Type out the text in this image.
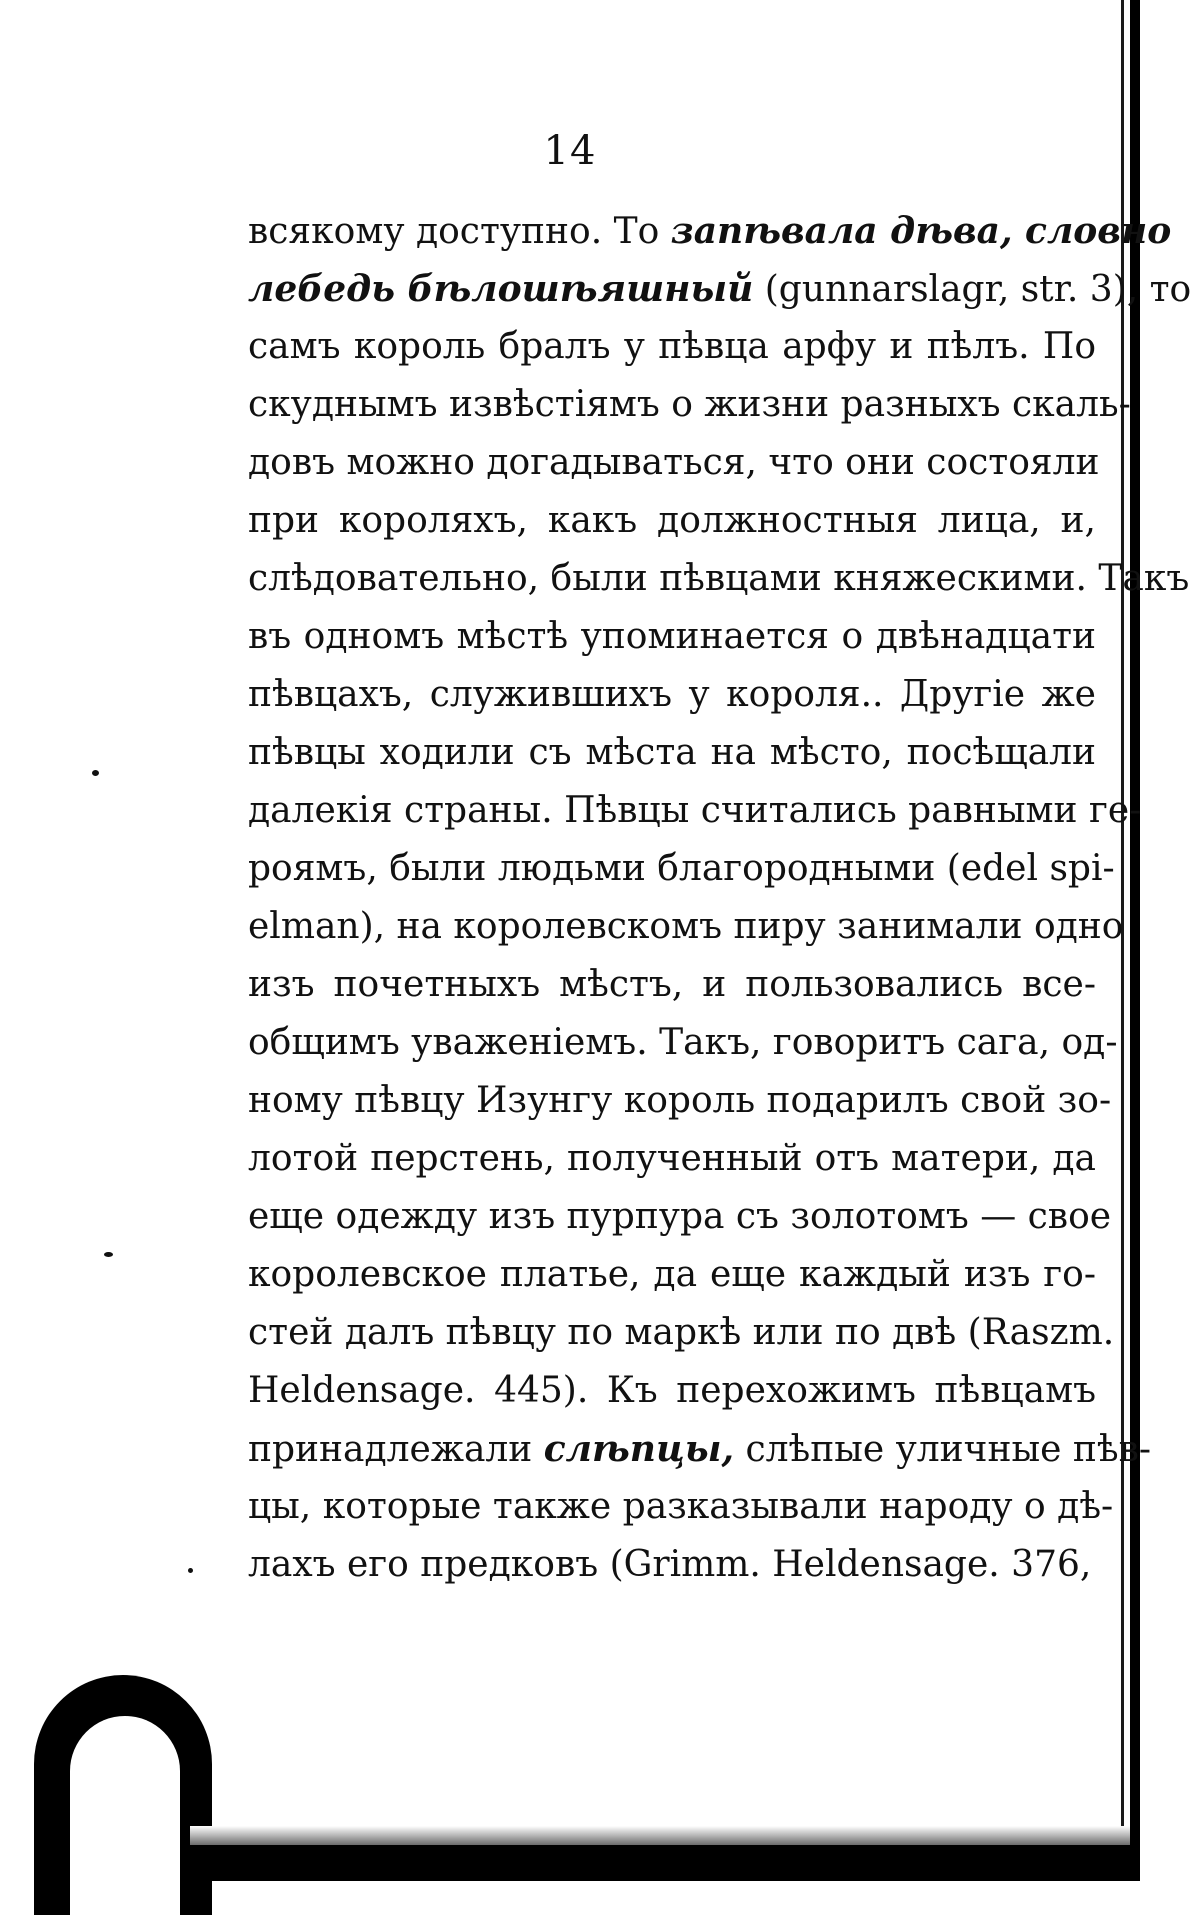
14
всякому доступно. То запѣвала дѣва, словно
лебедь бѣлошѣяшный (gunnarslagr, str. 3), то
самъ король бралъ у пѣвца арфу и пѣлъ. По
скуднымъ извѣстіямъ о жизни разныхъ скаль-
довъ можно догадываться, что они состояли
при короляхъ, какъ должностныя лица, и,
слѣдовательно, были пѣвцами княжескими. Такъ
въ одномъ мѣстѣ упоминается о двѣнадцати
пѣвцахъ, служившихъ у короля.. Другіе же
пѣвцы ходили съ мѣста на мѣсто, посѣщали
далекія страны. Пѣвцы считались равными ге-
роямъ, были людьми благородными (edel spi-
elman), на королевскомъ пиру занимали одно
изъ почетныхъ мѣстъ, и пользовались все-
общимъ уваженіемъ. Такъ, говоритъ сага, од-
ному пѣвцу Изунгу король подарилъ свой зо-
лотой перстень, полученный отъ матери, да
еще одежду изъ пурпура съ золотомъ — свое
королевское платье, да еще каждый изъ го-
стей далъ пѣвцу по маркѣ или по двѣ (Raszm.
Heldensage. 445). Къ перехожимъ пѣвцамъ
принадлежали слѣпцы, слѣпые уличные пѣв-
цы, которые также разказывали народу о дѣ-
лахъ его предковъ (Grimm. Heldensage. 376,
